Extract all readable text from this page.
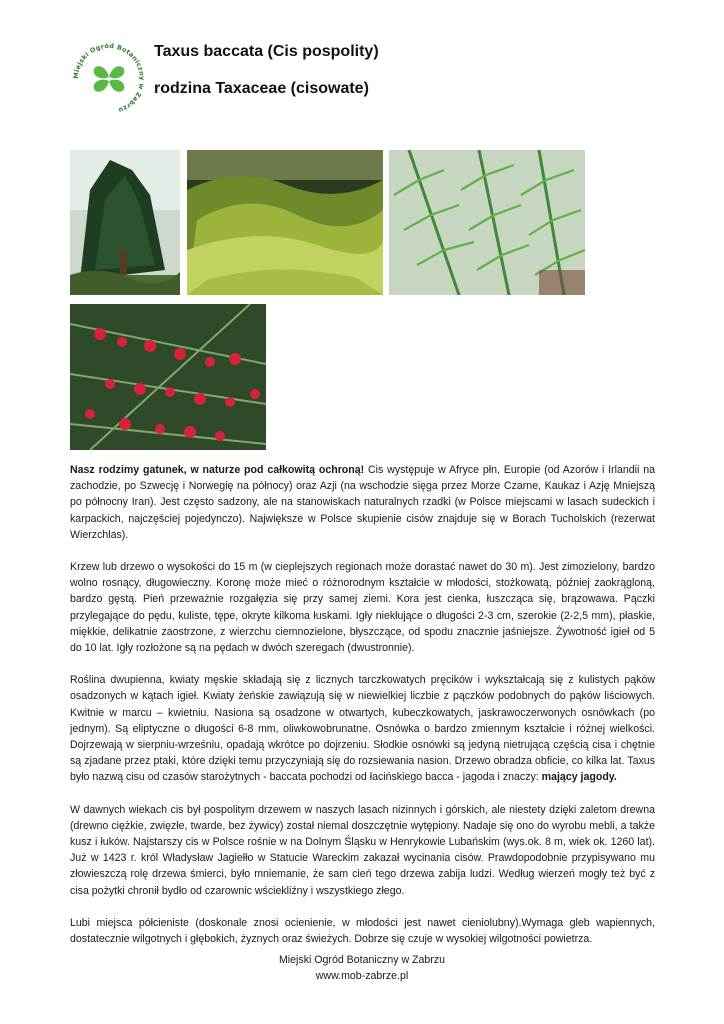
Miejski Ogród Botaniczny w Zabrzu
Taxus baccata (Cis pospolity)
rodzina Taxaceae (cisowate)

Nasz rodzimy gatunek, w naturze pod całkowitą ochroną! Cis występuje w Afryce płn, Europie (od Azorów i Irlandii na zachodzie, po Szwecję i Norwegię na północy) oraz Azji (na wschodzie sięga przez Morze Czarne, Kaukaz i Azję Mniejszą po północny Iran). Jest często sadzony, ale na stanowiskach naturalnych rzadki (w Polsce miejscami w lasach sudeckich i karpackich, najczęściej pojedynczo). Największe w Polsce skupienie cisów znajduje się w Borach Tucholskich (rezerwat Wierzchlas).

Krzew lub drzewo o wysokości do 15 m (w cieplejszych regionach może dorastać nawet do 30 m). Jest zimozielony, bardzo wolno rosnący, długowieczny. Koronę może mieć o różnorodnym kształcie w młodości, stożkowatą, później zaokrągloną, bardzo gęstą. Pień przeważnie rozgałęzia się przy samej ziemi. Kora jest cienka, łuszcząca się, brązowawa. Pączki przylegające do pędu, kuliste, tępe, okryte kilkoma łuskami. Igły niekłujące o długości 2-3 cm, szerokie (2-2,5 mm), płaskie, miękkie, delikatnie zaostrzone, z wierzchu ciemnozielone, błyszczące, od spodu znacznie jaśniejsze. Żywotność igieł od 5 do 10 lat. Igły rozłożone są na pędach w dwóch szeregach (dwustronnie).

Roślina dwupienna, kwiaty męskie składają się z licznych tarczkowatych pręcików i wykształcają się z kulistych pąków osadzonych w kątach igieł. Kwiaty żeńskie zawiązują się w niewielkiej liczbie z pączków podobnych do pąków liściowych. Kwitnie w marcu – kwietniu. Nasiona są osadzone w otwartych, kubeczkowatych, jaskrawoczerwonych osnówkach (po jednym). Są eliptyczne o długości 6-8 mm, oliwkowobrunatne. Osnówka o bardzo zmiennym kształcie i różnej wielkości. Dojrzewają w sierpniu-wrześniu, opadają wkrótce po dojrzeniu. Słodkie osnówki są jedyną nietrującą częścią cisa i chętnie są zjadane przez ptaki, które dzięki temu przyczyniają się do rozsiewania nasion. Drzewo obradza obficie, co kilka lat. Taxus było nazwą cisu od czasów starożytnych - baccata pochodzi od łacińskiego bacca - jagoda i znaczy: mający jagody.

W dawnych wiekach cis był pospolitym drzewem w naszych lasach nizinnych i górskich, ale niestety dzięki zaletom drewna (drewno ciężkie, zwięzłe, twarde, bez żywicy) został niemal doszczętnie wytępiony. Nadaje się ono do wyrobu mebli, a także kusz i łuków. Najstarszy cis w Polsce rośnie w na Dolnym Śląsku w Henrykowie Lubańskim (wys.ok. 8 m, wiek ok. 1260 lat). Już w 1423 r. król Władysław Jagiełło w Statucie Wareckim zakazał wycinania cisów. Prawdopodobnie przypisywano mu złowieszczą rolę drzewa śmierci, było mniemanie, że sam cień tego drzewa zabija ludzi. Według wierzeń mogły też być z cisa pożytki chronił bydło od czarownic wściekliźny i wszystkiego złego.

Lubi miejsca półcieniste (doskonale znosi ocienienie, w młodości jest nawet cieniolubny).Wymaga gleb wapiennych, dostatecznie wilgotnych i głębokich, żyznych oraz świeżych. Dobrze się czuje w wysokiej wilgotności powietrza.

Miejski Ogród Botaniczny w Zabrzu
www.mob-zabrze.pl
